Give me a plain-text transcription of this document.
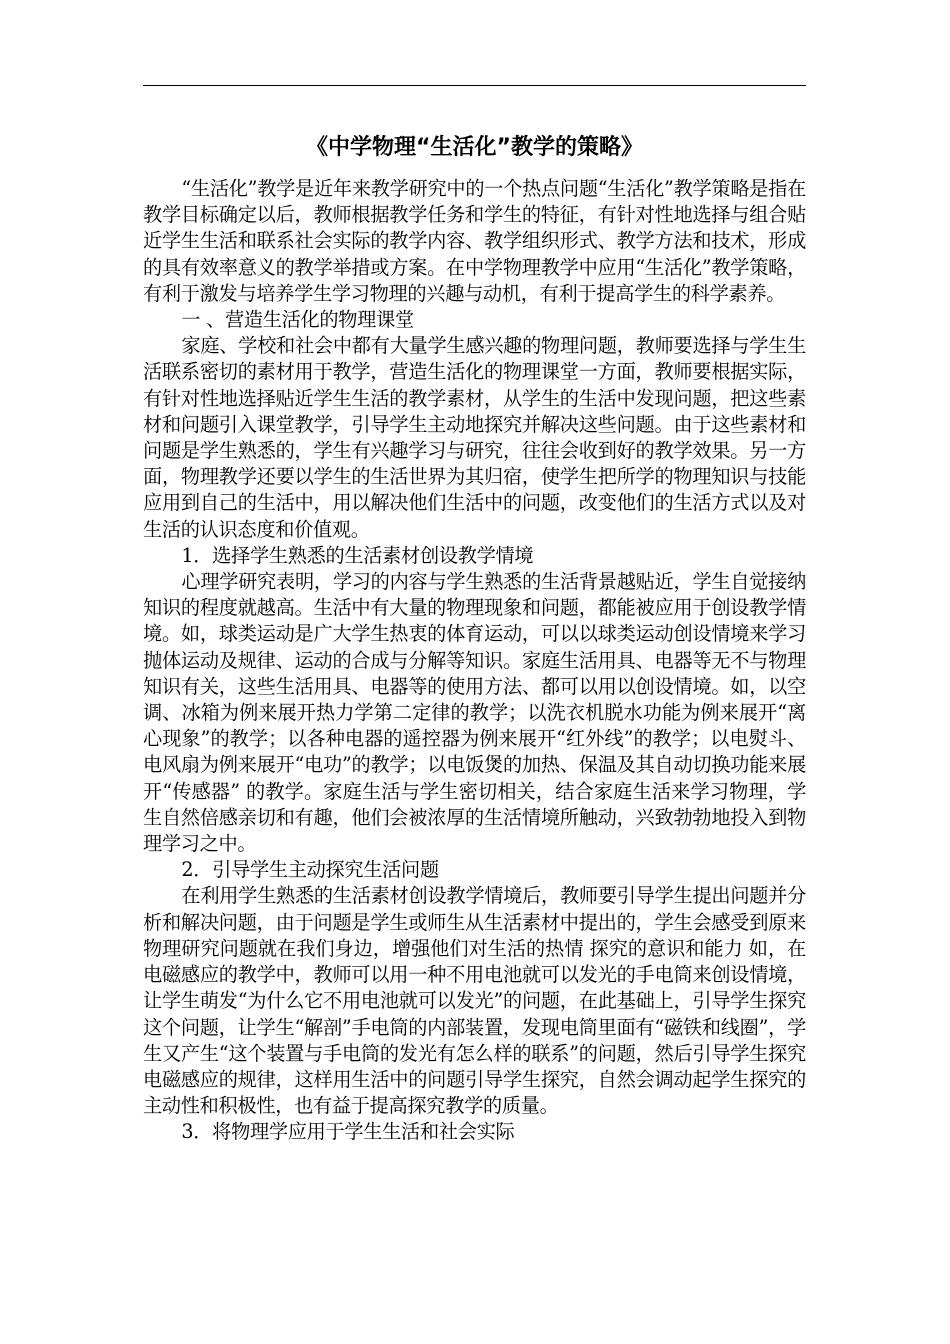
《中学物理“生活化”教学的策略》

“生活化”教学是近年来教学研究中的一个热点问题“生活化”教学策略是指在教学目标确定以后，教师根据教学任务和学生的特征，有针对性地选择与组合贴近学生生活和联系社会实际的教学内容、教学组织形式、教学方法和技术，形成的具有效率意义的教学举措或方案。在中学物理教学中应用“生活化”教学策略，有利于激发与培养学生学习物理的兴趣与动机，有利于提高学生的科学素养。

一 、营造生活化的物理课堂

家庭、学校和社会中都有大量学生感兴趣的物理问题，教师要选择与学生生活联系密切的素材用于教学，营造生活化的物理课堂一方面，教师要根据实际，有针对性地选择贴近学生生活的教学素材，从学生的生活中发现问题，把这些素材和问题引入课堂教学，引导学生主动地探究并解决这些问题。由于这些素材和问题是学生熟悉的，学生有兴趣学习与研究，往往会收到好的教学效果。另一方面，物理教学还要以学生的生活世界为其归宿，使学生把所学的物理知识与技能应用到自己的生活中，用以解决他们生活中的问题，改变他们的生活方式以及对生活的认识态度和价值观。

1．选择学生熟悉的生活素材创设教学情境

心理学研究表明，学习的内容与学生熟悉的生活背景越贴近，学生自觉接纳知识的程度就越高。生活中有大量的物理现象和问题，都能被应用于创设教学情境。如，球类运动是广大学生热衷的体育运动，可以以球类运动创设情境来学习抛体运动及规律、运动的合成与分解等知识。家庭生活用具、电器等无不与物理知识有关，这些生活用具、电器等的使用方法、都可以用以创设情境。如，以空调、冰箱为例来展开热力学第二定律的教学；以洗衣机脱水功能为例来展开“离心现象”的教学；以各种电器的遥控器为例来展开“红外线”的教学；以电熨斗、电风扇为例来展开“电功”的教学；以电饭煲的加热、保温及其自动切换功能来展开“传感器” 的教学。家庭生活与学生密切相关，结合家庭生活来学习物理，学生自然倍感亲切和有趣，他们会被浓厚的生活情境所触动，兴致勃勃地投入到物理学习之中。

2．引导学生主动探究生活问题

在利用学生熟悉的生活素材创设教学情境后，教师要引导学生提出问题并分析和解决问题，由于问题是学生或师生从生活素材中提出的，学生会感受到原来物理研究问题就在我们身边，增强他们对生活的热情 探究的意识和能力 如，在电磁感应的教学中，教师可以用一种不用电池就可以发光的手电筒来创设情境，让学生萌发“为什么它不用电池就可以发光”的问题，在此基础上，引导学生探究这个问题，让学生“解剖”手电筒的内部装置，发现电筒里面有“磁铁和线圈”，学生又产生“这个装置与手电筒的发光有怎么样的联系”的问题，然后引导学生探究电磁感应的规律，这样用生活中的问题引导学生探究，自然会调动起学生探究的主动性和积极性，也有益于提高探究教学的质量。

3．将物理学应用于学生生活和社会实际
